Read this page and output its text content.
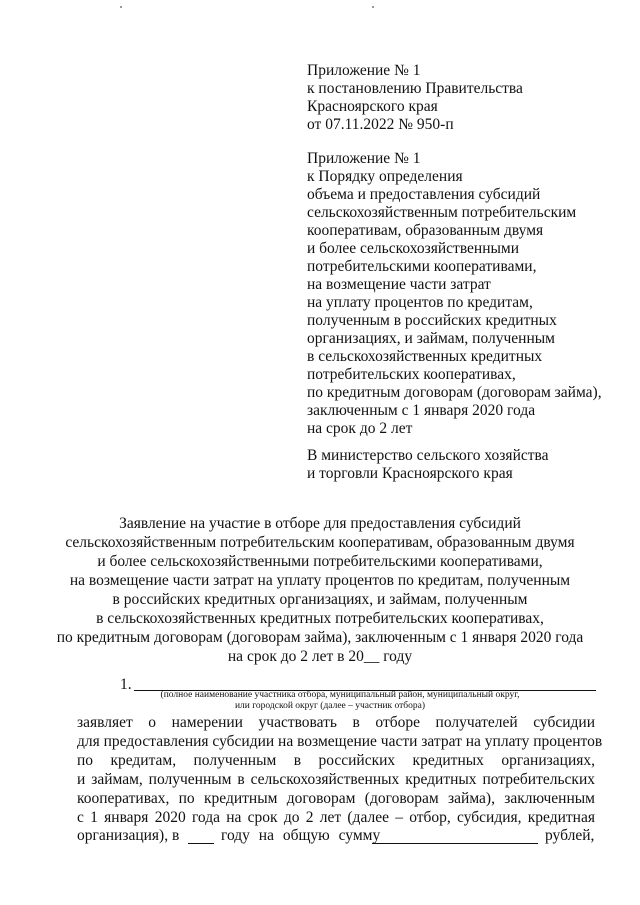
Приложение № 1
к постановлению Правительства
Красноярского края
от 07.11.2022 № 950-п
Приложение № 1
к Порядку определения
объема и предоставления субсидий
сельскохозяйственным потребительским
кооперативам, образованным двумя
и более сельскохозяйственными
потребительскими кооперативами,
на возмещение части затрат
на уплату процентов по кредитам,
полученным в российских кредитных
организациях, и займам, полученным
в сельскохозяйственных кредитных
потребительских кооперативах,
по кредитным договорам (договорам займа),
заключенным с 1 января 2020 года
на срок до 2 лет
В министерство сельского хозяйства
и торговли Красноярского края
Заявление на участие в отборе для предоставления субсидий
сельскохозяйственным потребительским кооперативам, образованным двумя
и более сельскохозяйственными потребительскими кооперативами,
на возмещение части затрат на уплату процентов по кредитам, полученным
в российских кредитных организациях, и займам, полученным
в сельскохозяйственных кредитных потребительских кооперативах,
по кредитным договорам (договорам займа), заключенным с 1 января 2020 года
на срок до 2 лет в 20__ году
1.
(полное наименование участника отбора, муниципальный район, муниципальный округ,
или городской округ (далее – участник отбора)
заявляет о намерении участвовать в отборе получателей субсидии
для предоставления субсидии на возмещение части затрат на уплату процентов
по кредитам, полученным в российских кредитных организациях,
и займам, полученным в сельскохозяйственных кредитных потребительских
кооперативах, по кредитным договорам (договорам займа), заключенным
с 1 января 2020 года на срок до 2 лет (далее – отбор, субсидия, кредитная
организация), в	году на общую сумму	рублей,
